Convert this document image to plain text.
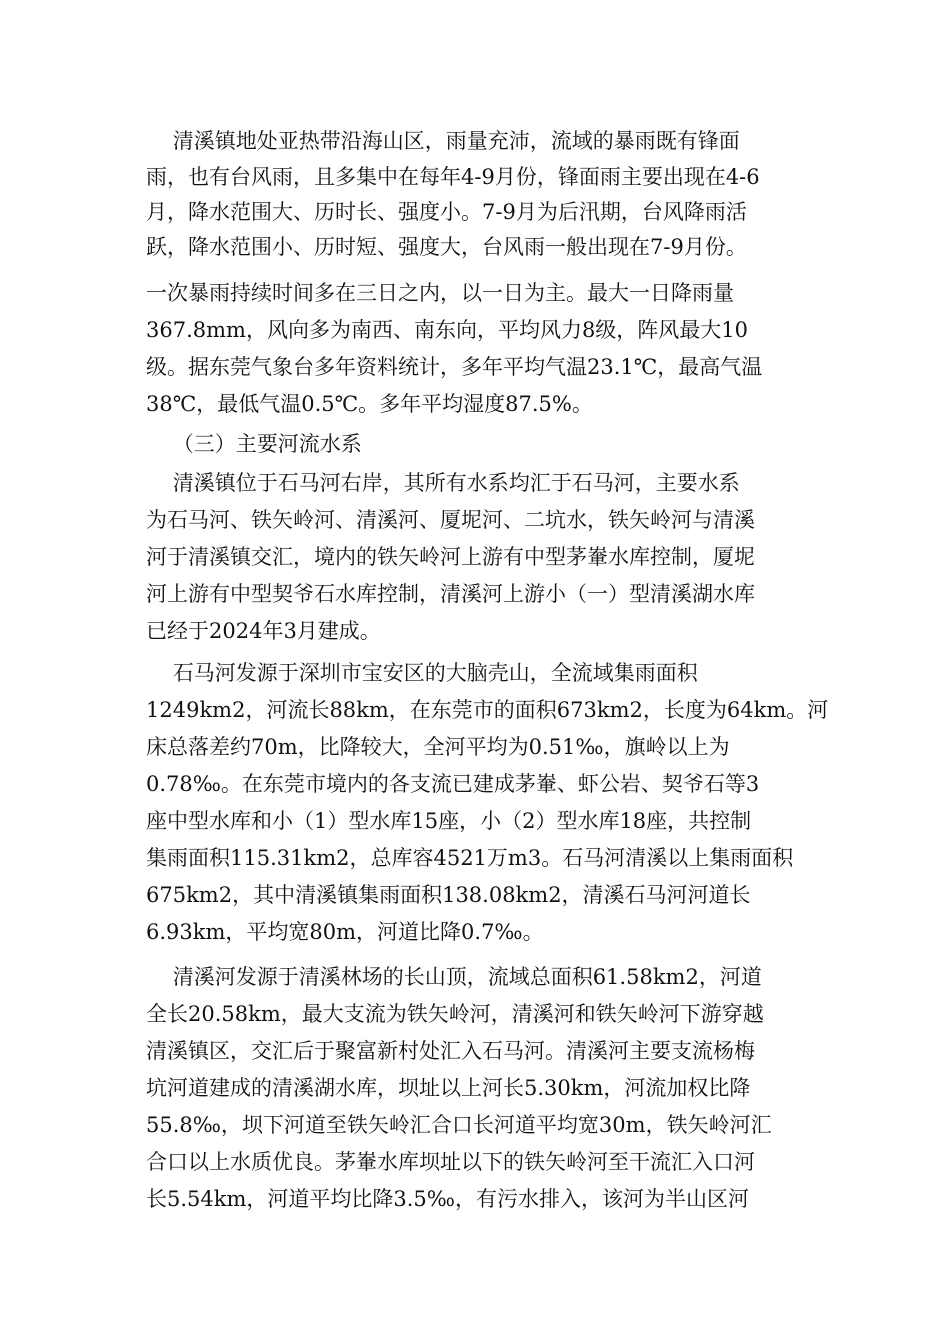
清溪镇地处亚热带沿海山区，雨量充沛，流域的暴雨既有锋面
雨，也有台风雨，且多集中在每年4-9月份，锋面雨主要出现在4-6
月，降水范围大、历时长、强度小。7-9月为后汛期，台风降雨活
跃，降水范围小、历时短、强度大，台风雨一般出现在7-9月份。
一次暴雨持续时间多在三日之内，以一日为主。最大一日降雨量
367.8mm，风向多为南西、南东向，平均风力8级，阵风最大10
级。据东莞气象台多年资料统计，多年平均气温23.1℃，最高气温
38℃，最低气温0.5℃。多年平均湿度87.5%。
（三）主要河流水系
清溪镇位于石马河右岸，其所有水系均汇于石马河，主要水系
为石马河、铁矢岭河、清溪河、厦坭河、二坑水，铁矢岭河与清溪
河于清溪镇交汇，境内的铁矢岭河上游有中型茅輋水库控制，厦坭
河上游有中型契爷石水库控制，清溪河上游小（一）型清溪湖水库
已经于2024年3月建成。
石马河发源于深圳市宝安区的大脑壳山，全流域集雨面积
1249km2，河流长88km，在东莞市的面积673km2，长度为64km。河
床总落差约70m，比降较大，全河平均为0.51‰，旗岭以上为
0.78‰。在东莞市境内的各支流已建成茅輋、虾公岩、契爷石等3
座中型水库和小（1）型水库15座，小（2）型水库18座，共控制
集雨面积115.31km2，总库容4521万m3。石马河清溪以上集雨面积
675km2，其中清溪镇集雨面积138.08km2，清溪石马河河道长
6.93km，平均宽80m，河道比降0.7‰。
清溪河发源于清溪林场的长山顶，流域总面积61.58km2，河道
全长20.58km，最大支流为铁矢岭河，清溪河和铁矢岭河下游穿越
清溪镇区，交汇后于聚富新村处汇入石马河。清溪河主要支流杨梅
坑河道建成的清溪湖水库，坝址以上河长5.30km，河流加权比降
55.8‰，坝下河道至铁矢岭汇合口长河道平均宽30m，铁矢岭河汇
合口以上水质优良。茅輋水库坝址以下的铁矢岭河至干流汇入口河
长5.54km，河道平均比降3.5‰，有污水排入，该河为半山区河
